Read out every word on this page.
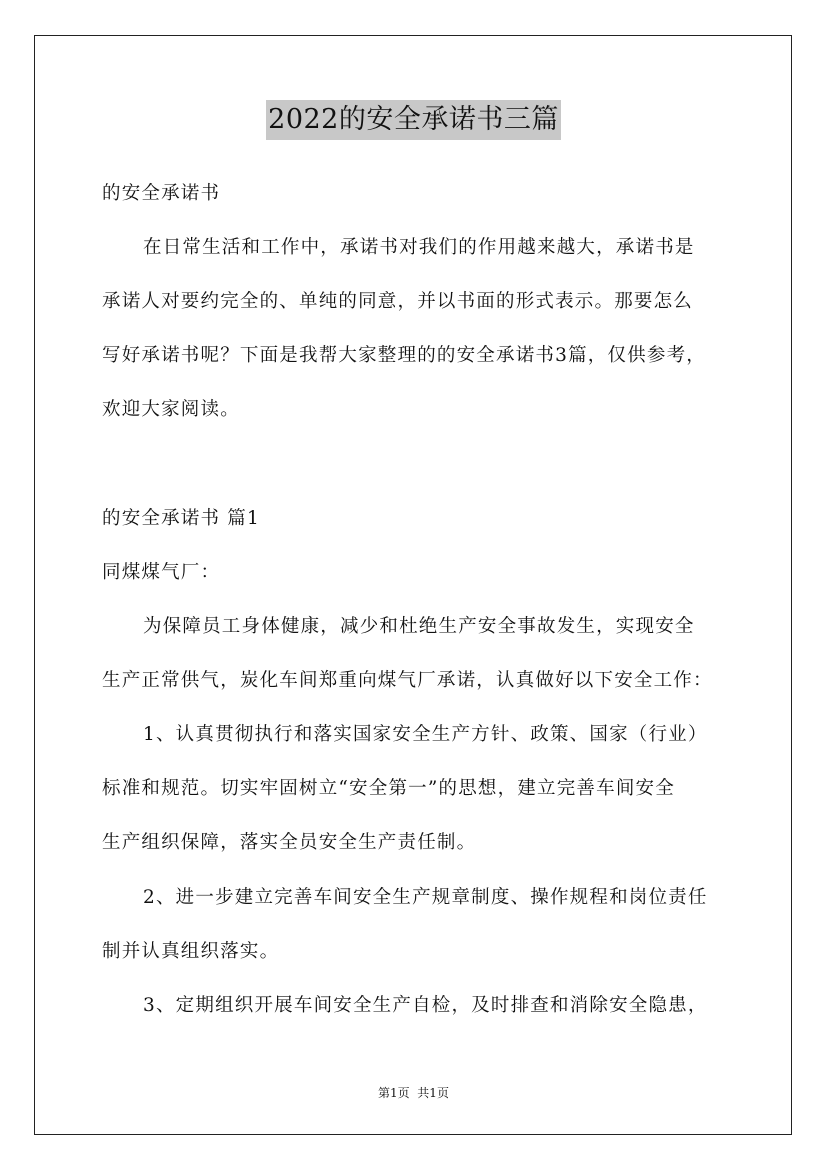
2022的安全承诺书三篇
的安全承诺书
在日常生活和工作中，承诺书对我们的作用越来越大，承诺书是
承诺人对要约完全的、单纯的同意，并以书面的形式表示。那要怎么
写好承诺书呢？下面是我帮大家整理的的安全承诺书3篇，仅供参考，
欢迎大家阅读。
的安全承诺书 篇1
同煤煤气厂：
为保障员工身体健康，减少和杜绝生产安全事故发生，实现安全
生产正常供气，炭化车间郑重向煤气厂承诺，认真做好以下安全工作：
1、认真贯彻执行和落实国家安全生产方针、政策、国家（行业）
标准和规范。切实牢固树立“安全第一”的思想，建立完善车间安全
生产组织保障，落实全员安全生产责任制。
2、进一步建立完善车间安全生产规章制度、操作规程和岗位责任
制并认真组织落实。
3、定期组织开展车间安全生产自检，及时排查和消除安全隐患，
第1页  共1页
